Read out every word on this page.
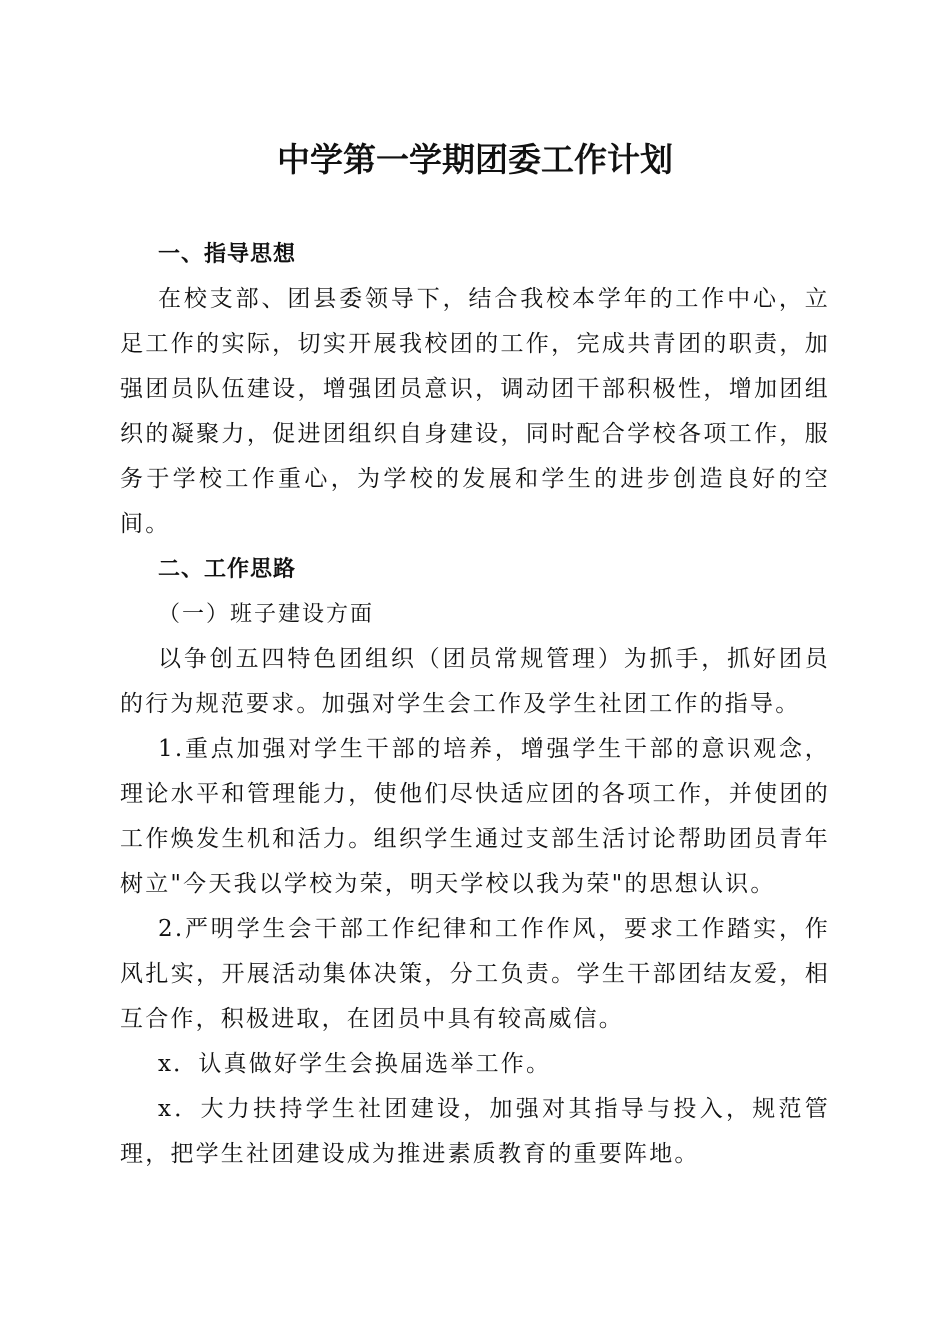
中学第一学期团委工作计划

一、指导思想

在校支部、团县委领导下，结合我校本学年的工作中心，立足工作的实际，切实开展我校团的工作，完成共青团的职责，加强团员队伍建设，增强团员意识，调动团干部积极性，增加团组织的凝聚力，促进团组织自身建设，同时配合学校各项工作，服务于学校工作重心，为学校的发展和学生的进步创造良好的空间。

二、工作思路

（一）班子建设方面

以争创五四特色团组织（团员常规管理）为抓手，抓好团员的行为规范要求。加强对学生会工作及学生社团工作的指导。

1.重点加强对学生干部的培养，增强学生干部的意识观念，理论水平和管理能力，使他们尽快适应团的各项工作，并使团的工作焕发生机和活力。组织学生通过支部生活讨论帮助团员青年树立"今天我以学校为荣，明天学校以我为荣"的思想认识。

2.严明学生会干部工作纪律和工作作风，要求工作踏实，作风扎实，开展活动集体决策，分工负责。学生干部团结友爱，相互合作，积极进取，在团员中具有较高威信。

x．认真做好学生会换届选举工作。

x．大力扶持学生社团建设，加强对其指导与投入，规范管理，把学生社团建设成为推进素质教育的重要阵地。
